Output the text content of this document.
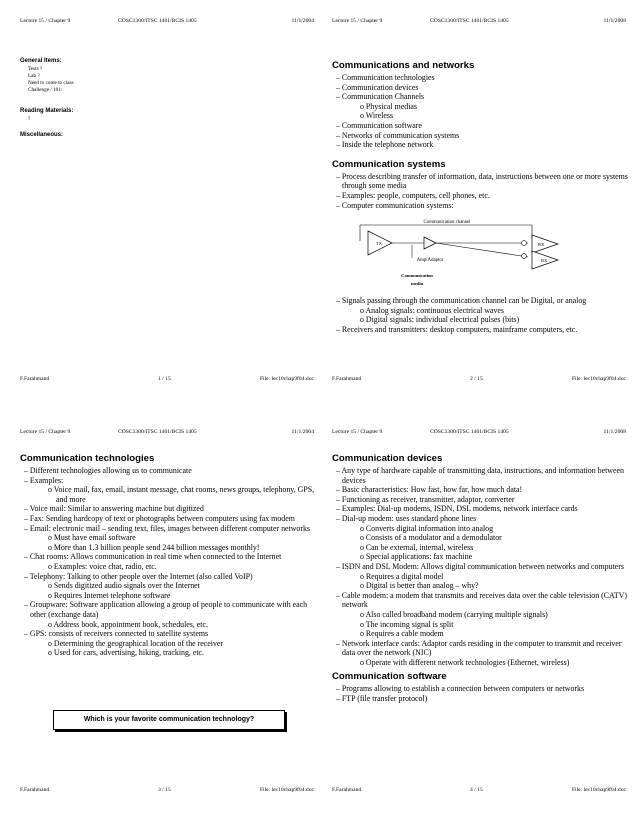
Lecture 15 / Chapter 9	COSC1300/ITSC 1401/BCIS 1405	11/1/2004
General Items:
Tests ?
Lab ?
Need to come to class
Challenge / 101/
Reading Materials:
?
Miscellaneous:
F.Farahmand	1 / 15	File: lec10chap9f04.doc
Lecture 15 / Chapter 9	COSC1300/ITSC 1401/BCIS 1405	11/1/2008
Communications and networks
– Communication technologies
– Communication devices
– Communication Channels
o Physical medias
o Wireless
– Communication software
– Networks of communication systems
– Inside the telephone network
Communication systems
– Process describing transfer of information, data, instructions between one or more systems through some media
– Examples: people, computers, cell phones, etc.
– Computer communication systems:
Communication channel
TX	RX
RX
Amp/Adaptor
Communication
media
– Signals passing through the communication channel can be Digital, or analog
o Analog signals: continuous electrical waves
o Digital signals: individual electrical pulses (bits)
– Receivers and transmitters: desktop computers, mainframe computers, etc.
F.Farahmand	2 / 15	File: lec10chap9f04.doc
Lecture 15 / Chapter 9	COSC1300/ITSC 1401/BCIS 1405	11/1/2004
Communication technologies
– Different technologies allowing us to communicate
– Examples:
o Voice mail, fax, email, instant message, chat rooms, news groups, telephony, GPS, and more
– Voice mail: Similar to answering machine but digitized
– Fax: Sending hardcopy of text or photographs between computers using fax modem
– Email: electronic mail – sending text, files, images between different computer networks
o Must have email software
o More than 1.3 billion people send 244 billion messages monthly!
– Chat rooms: Allows communication in real time when connected to the Internet
o Examples: voice chat, radio, etc.
– Telephony: Talking to other people over the Internet (also called VoIP)
o Sends digitized audio signals over the Internet
o Requires Internet telephone software
– Groupware: Software application allowing a group of people to communicate with each other (exchange data)
o Address book, appointment book, schedules, etc.
– GPS: consists of receivers connected to satellite systems
o Determining the geographical location of the receiver
o Used for cars, advertising, hiking, tracking, etc.
Which is your favorite communication technology?
F.Farahmand	3 / 15	File: lec10chap9f04.doc
Lecture 15 / Chapter 9	COSC1300/ITSC 1401/BCIS 1405	11/1/2008
Communication devices
– Any type of hardware capable of transmitting data, instructions, and information between devices
– Basic characteristics: How fast, how far, how much data!
– Functioning as receiver, transmitter, adaptor, converter
– Examples: Dial-up modems, ISDN, DSL modems, network interface cards
– Dial-up modem: uses standard phone lines
o Converts digital information into analog
o Consists of a modulator and a demodulator
o Can be external, internal, wireless
o Special applications: fax machine
– ISDN and DSL Modem: Allows digital communication between networks and computers
o Requires a digital model
o Digital is better than analog – why?
– Cable modem: a modem that transmits and receives data over the cable television (CATV) network
o Also called broadband modem (carrying multiple signals)
o The incoming signal is split
o Requires a cable modem
– Network interface cards: Adaptor cards residing in the computer to transmit and receiver data over the network (NIC)
o Operate with different network technologies (Ethernet, wireless)
Communication software
– Programs allowing to establish a connection between computers or networks
– FTP (file transfer protocol)
F.Farahmand	4 / 15	File: lec10chap9f04.doc
